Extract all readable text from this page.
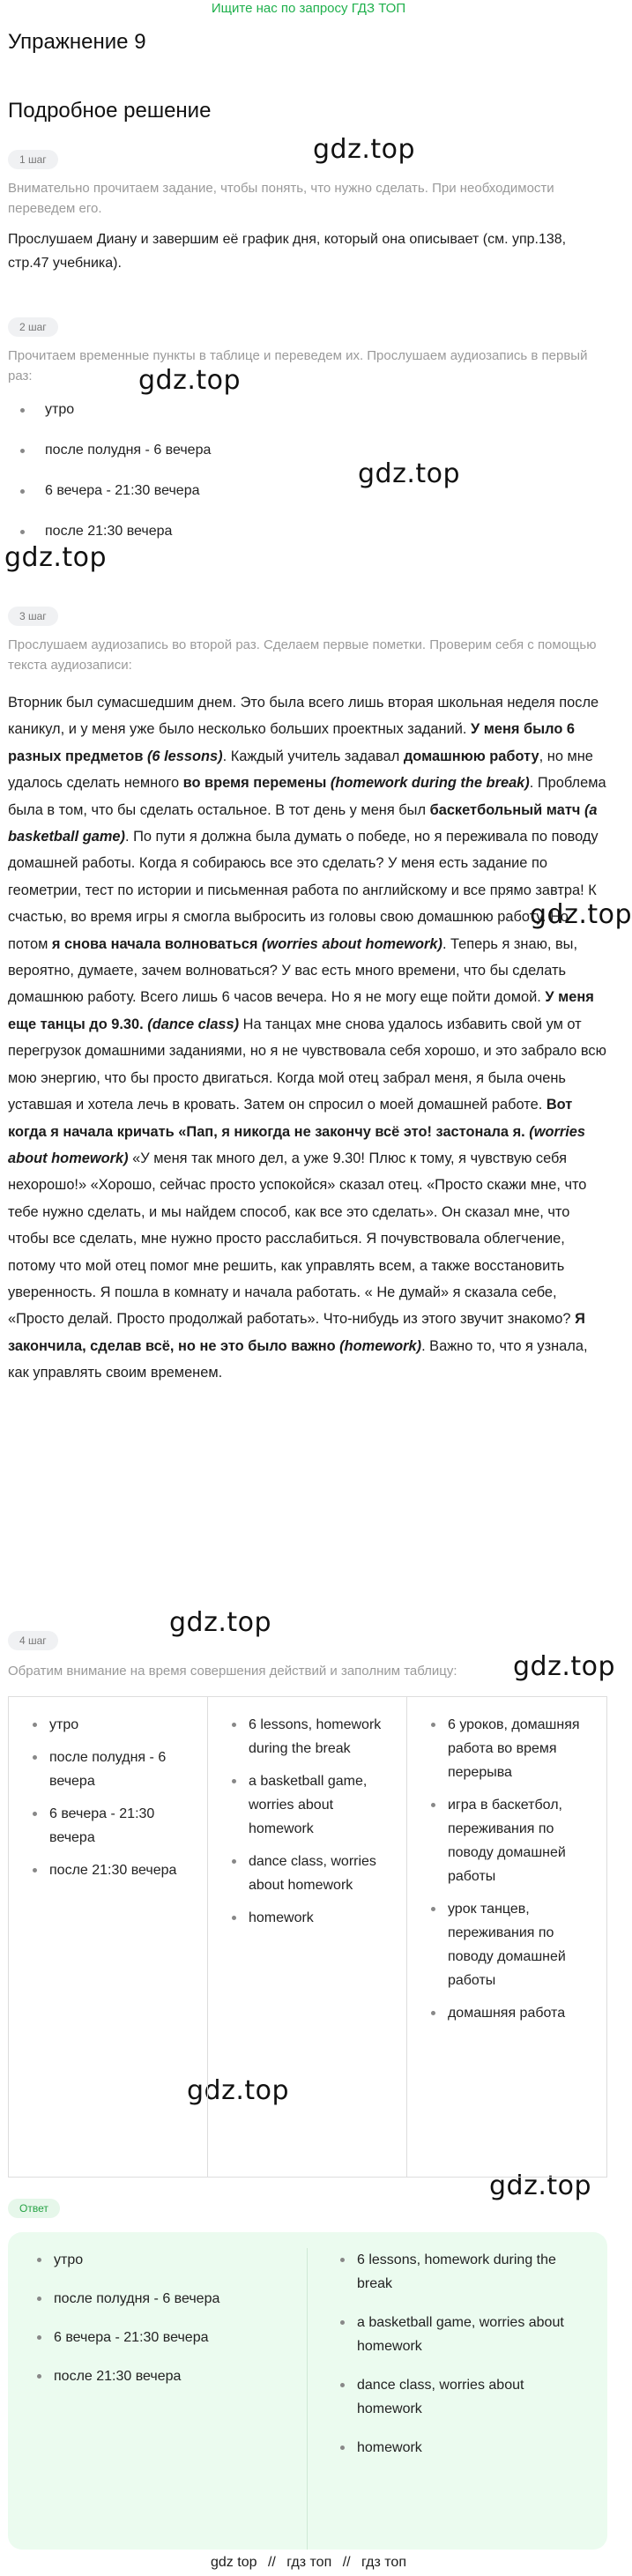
Ищите нас по запросу ГДЗ ТОП
Упражнение 9
Подробное решение
gdz.top
gdz.top
gdz.top
gdz.top
gdz.top
gdz.top
gdz.top
gdz.top
gdz.top
1 шаг

Внимательно прочитаем задание, чтобы понять, что нужно сделать. При необходимости переведем его.

Прослушаем Диану и завершим её график дня, который она описывает (см. упр.138, стр.47 учебника).

2 шаг

Прочитаем временные пункты в таблице и переведем их. Прослушаем аудиозапись в первый раз:

утро
после полудня - 6 вечера
6 вечера - 21:30 вечера
после 21:30 вечера
3 шаг

Прослушаем аудиозапись во второй раз. Сделаем первые пометки. Проверим себя с помощью текста аудиозаписи:

Вторник был сумасшедшим днем. Это была всего лишь вторая школьная неделя после каникул, и у меня уже было несколько больших проектных заданий. У меня было 6 разных предметов (6 lessons). Каждый учитель задавал домашнюю работу, но мне удалось сделать немного во время перемены (homework during the break). Проблема была в том, что бы сделать остальное. В тот день у меня был баскетбольный матч (a basketball game). По пути я должна была думать о победе, но я переживала по поводу домашней работы. Когда я собираюсь все это сделать? У меня есть задание по геометрии, тест по истории и письменная работа по английскому и все прямо завтра! К счастью, во время игры я смогла выбросить из головы свою домашнюю работу. Но потом я снова начала волноваться (worries about homework). Теперь я знаю, вы, вероятно, думаете, зачем волноваться? У вас есть много времени, что бы сделать домашнюю работу. Всего лишь 6 часов вечера. Но я не могу еще пойти домой. У меня еще танцы до 9.30. (dance class) На танцах мне снова удалось избавить свой ум от перегрузок домашними заданиями, но я не чувствовала себя хорошо, и это забрало всю мою энергию, что бы просто двигаться. Когда мой отец забрал меня, я была очень уставшая и хотела лечь в кровать. Затем он спросил о моей домашней работе. Вот когда я начала кричать «Пап, я никогда не закончу всё это! застонала я. (worries about homework) «У меня так много дел, а уже 9.30! Плюс к тому, я чувствую себя нехорошо!» «Хорошо, сейчас просто успокойся» сказал отец. «Просто скажи мне, что тебе нужно сделать, и мы найдем способ, как все это сделать». Он сказал мне, что чтобы все сделать, мне нужно просто расслабиться. Я почувствовала облегчение, потому что мой отец помог мне решить, как управлять всем, а также восстановить уверенность. Я пошла в комнату и начала работать. « Не думай» я сказала себе, «Просто делай. Просто продолжай работать». Что-нибудь из этого звучит знакомо? Я закончила, сделав всё, но не это было важно (homework). Важно то, что я узнала, как управлять своим временем.

4 шаг

Обратим внимание на время совершения действий и заполним таблицу:

утро
после полудня - 6 вечера
6 вечера - 21:30 вечера
после 21:30 вечера
6 lessons, homework during the break
a basketball game, worries about homework
dance class, worries about homework
homework
6 уроков, домашняя работа во время перерыва
игра в баскетбол, переживания по поводу домашней работы
урок танцев, переживания по поводу домашней работы
домашняя работа
Ответ
утро
после полудня - 6 вечера
6 вечера - 21:30 вечера
после 21:30 вечера
6 lessons, homework during the break
a basketball game, worries about homework
dance class, worries about homework
homework
gdz top // гдз топ // гдз топ
